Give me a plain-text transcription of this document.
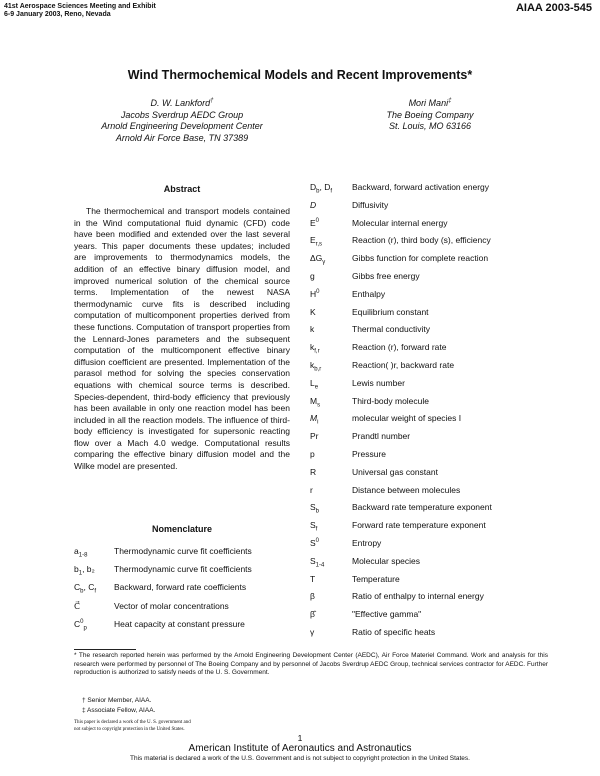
41st Aerospace Sciences Meeting and Exhibit
6-9 January 2003, Reno, Nevada
AIAA 2003-545
Wind Thermochemical Models and Recent Improvements*
D. W. Lankford†
Jacobs Sverdrup AEDC Group
Arnold Engineering Development Center
Arnold Air Force Base, TN 37389
Mori Mani‡
The Boeing Company
St. Louis, MO 63166
Abstract
The thermochemical and transport models contained in the Wind computational fluid dynamic (CFD) code have been modified and extended over the last several years. This paper documents these updates; included are improvements to thermodynamics models, the addition of an effective binary diffusion model, and improved numerical solution of the chemical source terms. Implementation of the newest NASA thermodynamic curve fits is described including computation of multicomponent properties derived from these functions. Computation of transport properties from the Lennard-Jones parameters and the subsequent computation of the multicomponent effective binary diffusion coefficient are presented. Implementation of the parasol method for solving the species conservation equations with chemical source terms is described. Species-dependent, third-body efficiency that previously has been available in only one reaction model has been included in all the reaction models. The influence of third-body efficiency is investigated for supersonic reacting flow over a Mach 4.0 wedge. Computational results comparing the effective binary diffusion model and the Wilke model are presented.
Nomenclature
$a_{1-8}$	Thermodynamic curve fit coefficients
$b_1$, b₂ Thermodynamic curve fit coefficients
$C_b$, $C_f$ Backward, forward rate coefficients
C⃗	Vector of molar concentrations
$C^0_p$	Heat capacity at constant pressure
$D_b$, $D_f$ Backward, forward activation energy
D	Diffusivity
$E^0$	Molecular internal energy
$E_{r,s}$	Reaction (r), third body (s), efficiency
$\Delta G_\gamma$	Gibbs function for complete reaction
g	Gibbs free energy
$H^0$	Enthalpy
K	Equilibrium constant
k	Thermal conductivity
$k_{f,r}$	Reaction (r), forward rate
$k_{b,r}$	Reaction( )r, backward rate
$L_e$	Lewis number
$M_s$	Third-body molecule
$M_i$	molecular weight of species I
Pr	Prandtl number
p	Pressure
R	Universal gas constant
r	Distance between molecules
$S_b$	Backward rate temperature exponent
$S_f$	Forward rate temperature exponent
$S^0$	Entropy
$S_{1-4}$	Molecular species
T	Temperature
β	Ratio of enthalpy to internal energy
β̂	"Effective gamma"
γ	Ratio of specific heats
* The research reported herein was performed by the Arnold Engineering Development Center (AEDC), Air Force Materiel Command. Work and analysis for this research were performed by personnel of The Boeing Company and by personnel of Jacobs Sverdrup AEDC Group, technical services contractor for AEDC. Further reproduction is authorized to satisfy needs of the U. S. Government.
† Senior Member, AIAA.
‡ Associate Fellow, AIAA.
This paper is declared a work of the U. S. government and
not subject to copyright protection in the United States.
1
American Institute of Aeronautics and Astronautics
This material is declared a work of the U.S. Government and is not subject to copyright protection in the United States.
